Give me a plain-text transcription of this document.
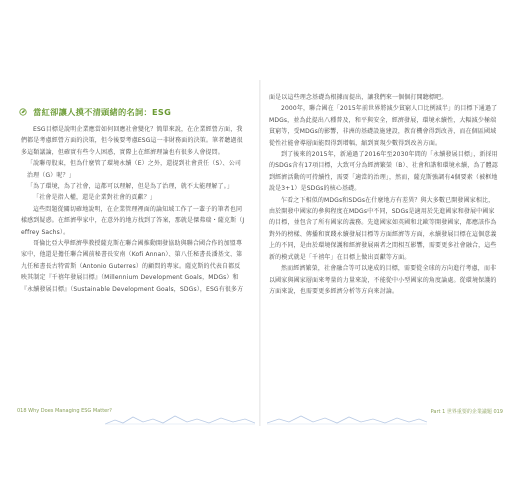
當紅卻讓人摸不清頭緒的名詞：ESG

ESG目標是說明企業應當如何回應社會變化？簡單來說，在企業經營方面，我們都是考慮經營方面的決策，但今後要考慮ESG這一非財務面的決策。筆者聽過很多這類議論，但確實有些令人困惑，實際上在經濟理論也有很多人會提問。

「說聯母股東，但為什麼管了環境永續（E）之外，還提到社會責任（S）、公司治理（G）呢？」

「為了環境，為了社會，這都可以理解，但是為了治理，就不太能理解了。」

「社會是指人權，還是企業對社會的貢獻？」

這些問題從關切確地說明，在企業管理裡面的論知域工作了一輩子的筆者也同樣感到疑惑。在經濟學家中，在意外的地方找到了答案，那就是傑弗瑞・薩克斯（Jeffrey Sachs）。

哥倫比亞大學經濟學教授薩克斯在聯合國推動開發協助與聯合國合作的加盟專家中，他還是擔任聯合國前秘書長安南（Kofi Annan）、第八任秘書長潘基文、第九任秘書長古特雷斯（Antonio Guterres）的顧問的專家。薩克斯的代表自都反映其制定『千禧年發展目標』（Millennium Development Goals，MDGs）和『永續發展目標』（Sustainable Development Goals，SDGs），ESG有很多方

018 Why Does Managing ESG Matter?

面是以這些理念基礎為根據而提出，讓我們來一個個打開聽標吧。

2000年，聯合國在「2015年前世界將減少貧窮人口比例減半」的目標下通過了MDGs，並為此提出八種普及，和平與安全，經濟發展，環境永續性，大幅減少極端貧窮等，受MDGs的影響，非洲的基礎設施建設，教育機會得到改善，而在個區國域從性社能會導層面能問得到增幅，縮到實現少數得到改善方面。

到了後來的2015年，新通過了2016年至2030年間的「永續發展目標」，新採用的SDGs含有17項目標，大致可分為經濟繁榮（B）、社會和諧和環境永續，為了體認到經濟活動的可持續性，需要「適當的治理」，然而，薩克斯強調有4個要素（被框地說是3+1）是SDGs的核心基礎。

乍看之下相似的MDGs和SDGs在什麼地方有差異？與大多數已開發國家相比，由於開發中國家的參與程度在MDGs中不同，SDGs是適用於先進國家和發展中國家的目標，並包含了所有國家的義務。先進國家如英國和北歐等開發國家，都應該作為對外的榜樣、傳播和實踐永續發展目標等方面經濟等方面，永續發展目標在這個意義上的不同，是由於環境保護和經濟發展兩者之間相互影響，需要更多社會融合，這些新的模式就是「千禧年」在目標上做出貢獻等方面。

然而經濟繁榮，社會融合等可以達成的目標，需要從全球的方向進行考慮，而非以國家與國家層面來考量的力量來說，不能從中小型國家的角度論處。從環境保護的方面來說，也需要更多經濟分析等方向來討論。

Part 1 世界重要的企業議題 019
